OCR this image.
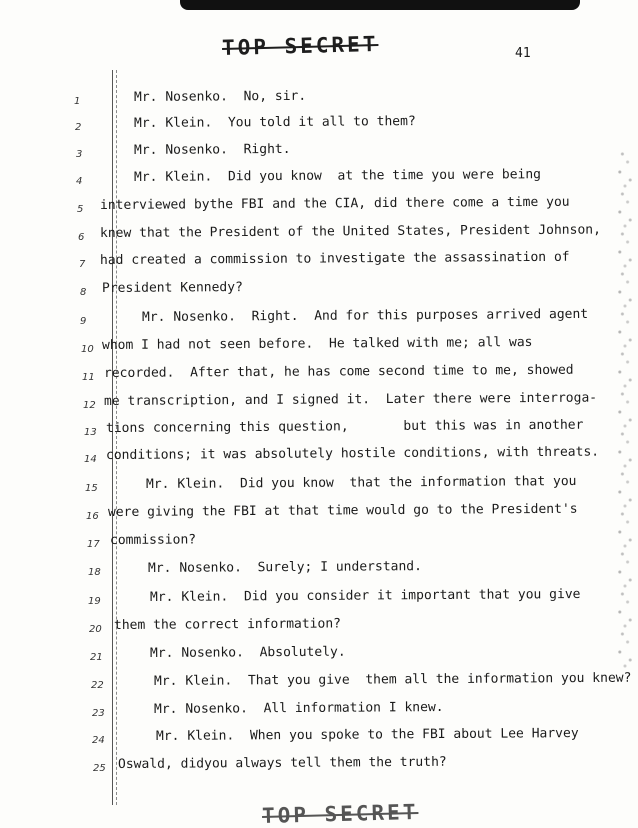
TOP SECRET	41
1	Mr. Nosenko.  No, sir.
2	Mr. Klein.  You told it all to them?
3	Mr. Nosenko.  Right.
4	Mr. Klein.  Did you know  at the time you were being
5 interviewed bythe FBI and the CIA, did there come a time you
6 knew that the President of the United States, President Johnson,
7 had created a commission to investigate the assassination of
8 President Kennedy?
9	Mr. Nosenko.  Right.  And for this purposes arrived agent
10 whom I had not seen before.  He talked with me; all was
11 recorded.  After that, he has come second time to me, showed
12 me transcription, and I signed it.  Later there were interroga-
13 tions concerning this question,       but this was in another
14 conditions; it was absolutely hostile conditions, with threats.
15	Mr. Klein.  Did you know  that the information that you
16 were giving the FBI at that time would go to the President's
17 commission?
18	Mr. Nosenko.  Surely; I understand.
19	Mr. Klein.  Did you consider it important that you give
20 them the correct information?
21	Mr. Nosenko.  Absolutely.
22	Mr. Klein.  That you give  them all the information you knew?
23	Mr. Nosenko.  All information I knew.
24	Mr. Klein.  When you spoke to the FBI about Lee Harvey
25 Oswald, didyou always tell them the truth?
TOP SECRET
